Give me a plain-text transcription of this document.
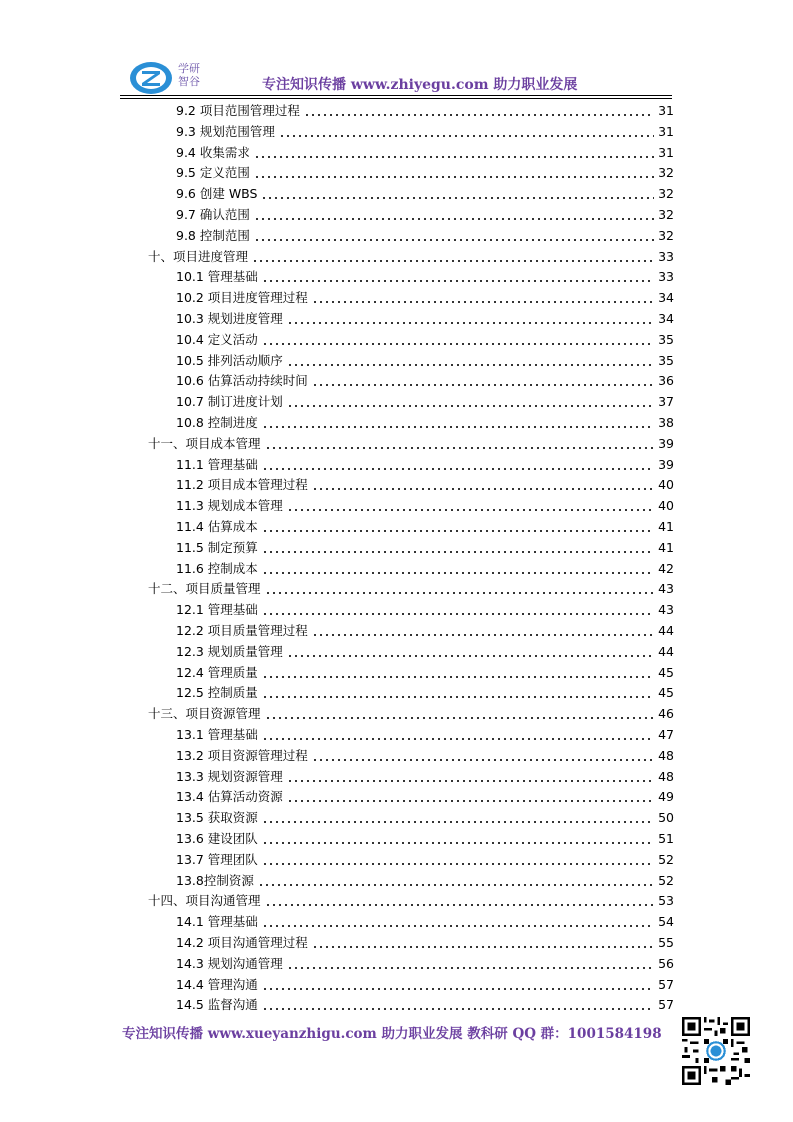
学研
智谷	专注知识传播 www.zhiyegu.com 助力职业发展
9.2 项目范围管理过程	31
9.3 规划范围管理	31
9.4 收集需求	31
9.5 定义范围	32
9.6 创建 WBS	32
9.7 确认范围	32
9.8 控制范围	32
十、项目进度管理	33
10.1 管理基础	33
10.2 项目进度管理过程	34
10.3 规划进度管理	34
10.4 定义活动	35
10.5 排列活动顺序	35
10.6 估算活动持续时间	36
10.7 制订进度计划	37
10.8 控制进度	38
十一、项目成本管理	39
11.1 管理基础	39
11.2 项目成本管理过程	40
11.3 规划成本管理	40
11.4 估算成本	41
11.5 制定预算	41
11.6 控制成本	42
十二、项目质量管理	43
12.1 管理基础	43
12.2 项目质量管理过程	44
12.3 规划质量管理	44
12.4 管理质量	45
12.5 控制质量	45
十三、项目资源管理	46
13.1 管理基础	47
13.2 项目资源管理过程	48
13.3 规划资源管理	48
13.4 估算活动资源	49
13.5 获取资源	50
13.6 建设团队	51
13.7 管理团队	52
13.8控制资源	52
十四、项目沟通管理	53
14.1 管理基础	54
14.2 项目沟通管理过程	55
14.3 规划沟通管理	56
14.4 管理沟通	57
14.5 监督沟通	57
专注知识传播 www.xueyanzhigu.com 助力职业发展 教科研 QQ 群：1001584198
